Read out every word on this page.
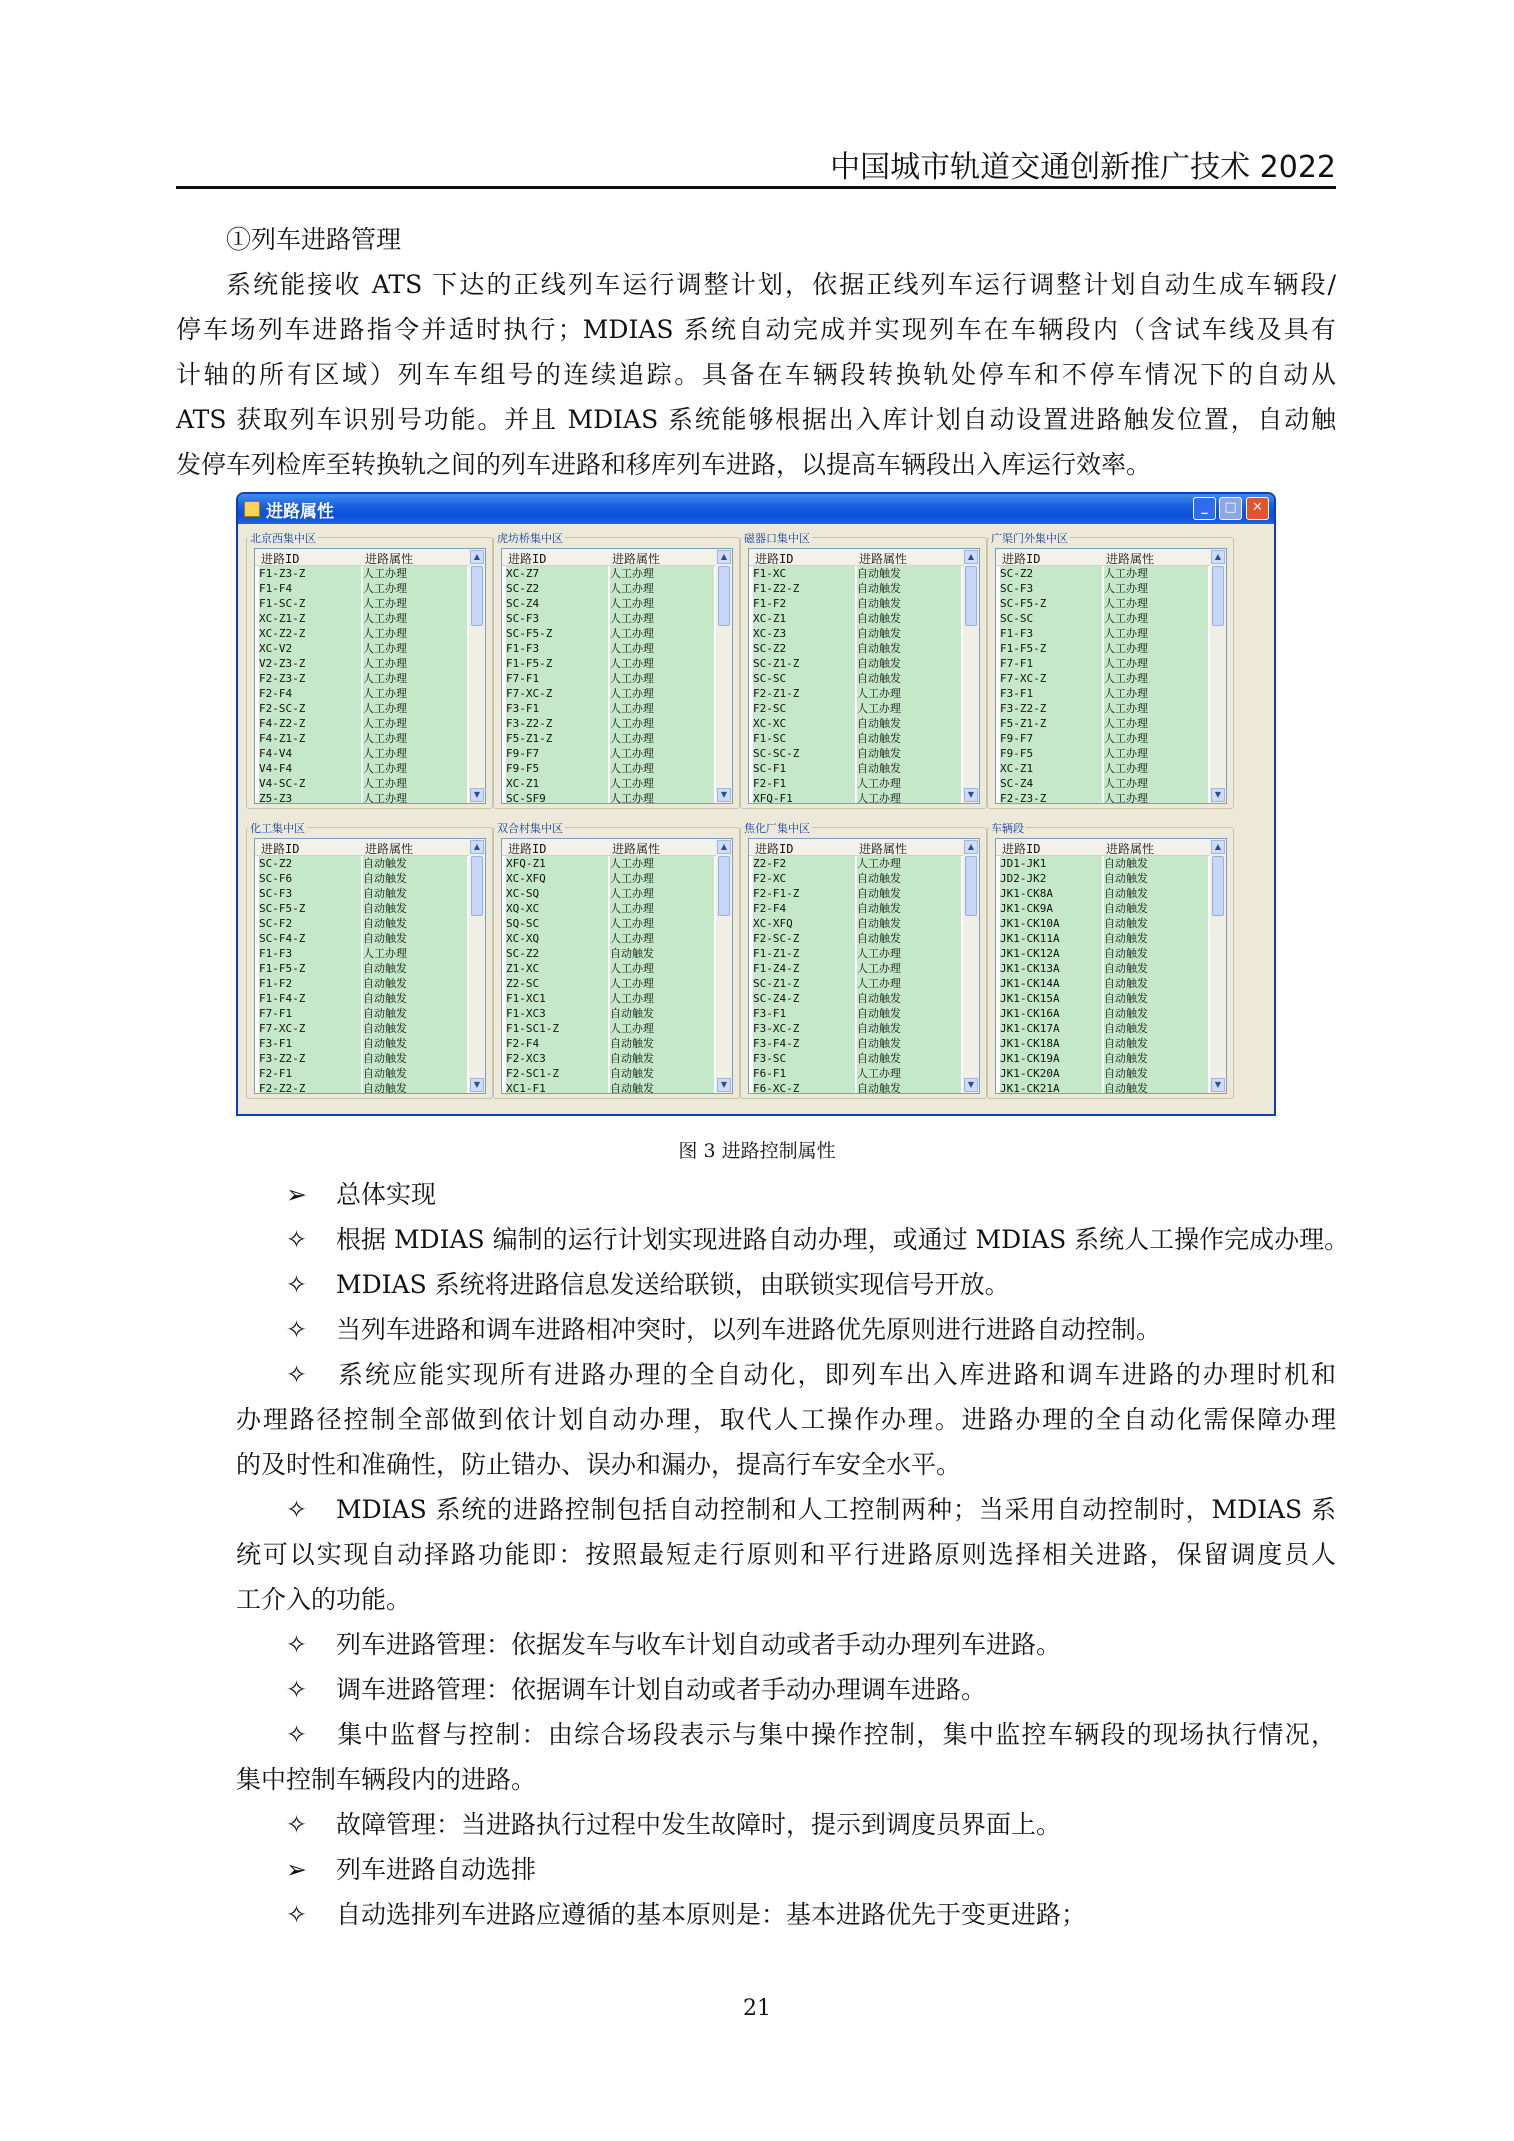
中国城市轨道交通创新推广技术 2022
①列车进路管理
系统能接收 ATS 下达的正线列车运行调整计划，依据正线列车运行调整计划自动生成车辆段/
停车场列车进路指令并适时执行；MDIAS 系统自动完成并实现列车在车辆段内（含试车线及具有
计轴的所有区域）列车车组号的连续追踪。具备在车辆段转换轨处停车和不停车情况下的自动从
ATS 获取列车识别号功能。并且 MDIAS 系统能够根据出入库计划自动设置进路触发位置，自动触
发停车列检库至转换轨之间的列车进路和移库列车进路，以提高车辆段出入库运行效率。
进路属性	_	□	✕
北京西集中区
进路ID	进路属性
F1-Z3-Z	人工办理
F1-F4	人工办理
F1-SC-Z	人工办理
XC-Z1-Z	人工办理
XC-Z2-Z	人工办理
XC-V2	人工办理
V2-Z3-Z	人工办理
F2-Z3-Z	人工办理
F2-F4	人工办理
F2-SC-Z	人工办理
F4-Z2-Z	人工办理
F4-Z1-Z	人工办理
F4-V4	人工办理
V4-F4	人工办理
V4-SC-Z	人工办理
Z5-Z3	人工办理
▲
▼
虎坊桥集中区
进路ID	进路属性
XC-Z7	人工办理
SC-Z2	人工办理
SC-Z4	人工办理
SC-F3	人工办理
SC-F5-Z	人工办理
F1-F3	人工办理
F1-F5-Z	人工办理
F7-F1	人工办理
F7-XC-Z	人工办理
F3-F1	人工办理
F3-Z2-Z	人工办理
F5-Z1-Z	人工办理
F9-F7	人工办理
F9-F5	人工办理
XC-Z1	人工办理
SC-SF9	人工办理
▲
▼
磁器口集中区
进路ID	进路属性
F1-XC	自动触发
F1-Z2-Z	自动触发
F1-F2	自动触发
XC-Z1	自动触发
XC-Z3	自动触发
SC-Z2	自动触发
SC-Z1-Z	自动触发
SC-SC	自动触发
F2-Z1-Z	人工办理
F2-SC	人工办理
XC-XC	自动触发
F1-SC	自动触发
SC-SC-Z	自动触发
SC-F1	自动触发
F2-F1	人工办理
XFQ-F1	人工办理
▲
▼
广渠门外集中区
进路ID	进路属性
SC-Z2	人工办理
SC-F3	人工办理
SC-F5-Z	人工办理
SC-SC	人工办理
F1-F3	人工办理
F1-F5-Z	人工办理
F7-F1	人工办理
F7-XC-Z	人工办理
F3-F1	人工办理
F3-Z2-Z	人工办理
F5-Z1-Z	人工办理
F9-F7	人工办理
F9-F5	人工办理
XC-Z1	人工办理
SC-Z4	人工办理
F2-Z3-Z	人工办理
▲
▼
化工集中区
进路ID	进路属性
SC-Z2	自动触发
SC-F6	自动触发
SC-F3	自动触发
SC-F5-Z	自动触发
SC-F2	自动触发
SC-F4-Z	自动触发
F1-F3	人工办理
F1-F5-Z	自动触发
F1-F2	自动触发
F1-F4-Z	自动触发
F7-F1	自动触发
F7-XC-Z	自动触发
F3-F1	自动触发
F3-Z2-Z	自动触发
F2-F1	自动触发
F2-Z2-Z	自动触发
▲
▼
双合村集中区
进路ID	进路属性
XFQ-Z1	人工办理
XC-XFQ	人工办理
XC-SQ	人工办理
XQ-XC	人工办理
SQ-SC	人工办理
XC-XQ	人工办理
SC-Z2	自动触发
Z1-XC	人工办理
Z2-SC	人工办理
F1-XC1	人工办理
F1-XC3	自动触发
F1-SC1-Z	人工办理
F2-F4	自动触发
F2-XC3	自动触发
F2-SC1-Z	自动触发
XC1-F1	自动触发
▲
▼
焦化厂集中区
进路ID	进路属性
Z2-F2	人工办理
F2-XC	自动触发
F2-F1-Z	自动触发
F2-F4	自动触发
XC-XFQ	自动触发
F2-SC-Z	自动触发
F1-Z1-Z	人工办理
F1-Z4-Z	人工办理
SC-Z1-Z	人工办理
SC-Z4-Z	自动触发
F3-F1	自动触发
F3-XC-Z	自动触发
F3-F4-Z	自动触发
F3-SC	自动触发
F6-F1	人工办理
F6-XC-Z	自动触发
▲
▼
车辆段
进路ID	进路属性
JD1-JK1	自动触发
JD2-JK2	自动触发
JK1-CK8A	自动触发
JK1-CK9A	自动触发
JK1-CK10A	自动触发
JK1-CK11A	自动触发
JK1-CK12A	自动触发
JK1-CK13A	自动触发
JK1-CK14A	自动触发
JK1-CK15A	自动触发
JK1-CK16A	自动触发
JK1-CK17A	自动触发
JK1-CK18A	自动触发
JK1-CK19A	自动触发
JK1-CK20A	自动触发
JK1-CK21A	自动触发
▲
▼
图 3 进路控制属性
➢ 总体实现
✧ 根据 MDIAS 编制的运行计划实现进路自动办理，或通过 MDIAS 系统人工操作完成办理。
✧ MDIAS 系统将进路信息发送给联锁，由联锁实现信号开放。
✧ 当列车进路和调车进路相冲突时，以列车进路优先原则进行进路自动控制。
✧ 系统应能实现所有进路办理的全自动化，即列车出入库进路和调车进路的办理时机和
办理路径控制全部做到依计划自动办理，取代人工操作办理。进路办理的全自动化需保障办理
的及时性和准确性，防止错办、误办和漏办，提高行车安全水平。
✧ MDIAS 系统的进路控制包括自动控制和人工控制两种；当采用自动控制时，MDIAS 系
统可以实现自动择路功能即：按照最短走行原则和平行进路原则选择相关进路，保留调度员人
工介入的功能。
✧ 列车进路管理：依据发车与收车计划自动或者手动办理列车进路。
✧ 调车进路管理：依据调车计划自动或者手动办理调车进路。
✧ 集中监督与控制：由综合场段表示与集中操作控制，集中监控车辆段的现场执行情况，
集中控制车辆段内的进路。
✧ 故障管理：当进路执行过程中发生故障时，提示到调度员界面上。
➢ 列车进路自动选排
✧ 自动选排列车进路应遵循的基本原则是：基本进路优先于变更进路；
21
